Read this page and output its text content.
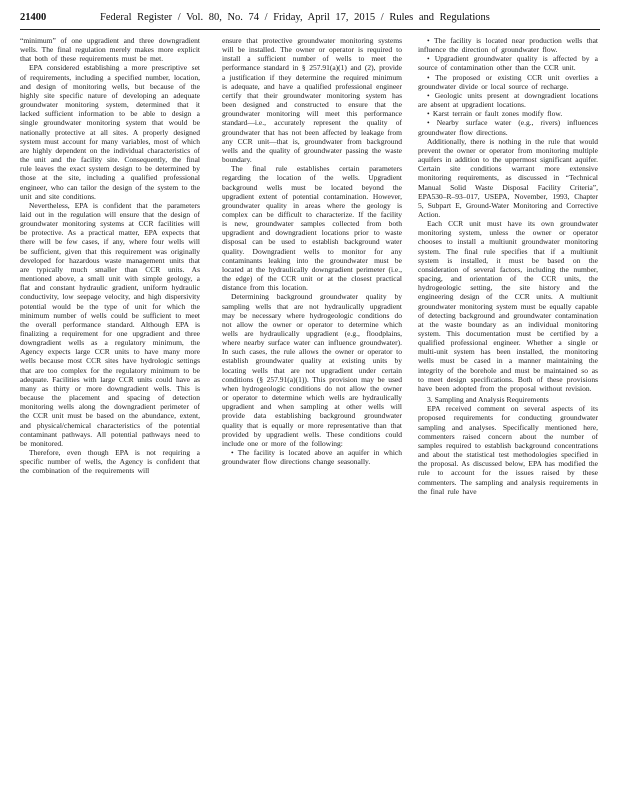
21400	Federal Register / Vol. 80, No. 74 / Friday, April 17, 2015 / Rules and Regulations

“minimum” of one upgradient and three downgradient wells. The final regulation merely makes more explicit that both of these requirements must be met.

EPA considered establishing a more prescriptive set of requirements, including a specified number, location, and design of monitoring wells, but because of the highly site specific nature of developing an adequate groundwater monitoring system, determined that it lacked sufficient information to be able to design a single groundwater monitoring system that would be nationally protective at all sites. A properly designed system must account for many variables, most of which are highly dependent on the individual characteristics of the unit and the facility site. Consequently, the final rule leaves the exact system design to be determined by those at the site, including a qualified professional engineer, who can tailor the design of the system to the unit and site conditions.

Nevertheless, EPA is confident that the parameters laid out in the regulation will ensure that the design of groundwater monitoring systems at CCR facilities will be protective. As a practical matter, EPA expects that there will be few cases, if any, where four wells will be sufficient, given that this requirement was originally developed for hazardous waste management units that are typically much smaller than CCR units. As mentioned above, a small unit with simple geology, a flat and constant hydraulic gradient, uniform hydraulic conductivity, low seepage velocity, and high dispersivity potential would be the type of unit for which the minimum number of wells could be sufficient to meet the overall performance standard. Although EPA is finalizing a requirement for one upgradient and three downgradient wells as a regulatory minimum, the Agency expects large CCR units to have many more wells because most CCR sites have hydrologic settings that are too complex for the regulatory minimum to be adequate. Facilities with large CCR units could have as many as thirty or more downgradient wells. This is because the placement and spacing of detection monitoring wells along the downgradient perimeter of the CCR unit must be based on the abundance, extent, and physical/chemical characteristics of the potential contaminant pathways. All potential pathways need to be monitored.

Therefore, even though EPA is not requiring a specific number of wells, the Agency is confident that the combination of the requirements will

ensure that protective groundwater monitoring systems will be installed. The owner or operator is required to install a sufficient number of wells to meet the performance standard in § 257.91(a)(1) and (2), provide a justification if they determine the required minimum is adequate, and have a qualified professional engineer certify that their groundwater monitoring system has been designed and constructed to ensure that the groundwater monitoring will meet this performance standard—i.e., accurately represent the quality of groundwater that has not been affected by leakage from any CCR unit—that is, groundwater from background wells and the quality of groundwater passing the waste boundary.

The final rule establishes certain parameters regarding the location of the wells. Upgradient background wells must be located beyond the upgradient extent of potential contamination. However, groundwater quality in areas where the geology is complex can be difficult to characterize. If the facility is new, groundwater samples collected from both upgradient and downgradient locations prior to waste disposal can be used to establish background water quality. Downgradient wells to monitor for any contaminants leaking into the groundwater must be located at the hydraulically downgradient perimeter (i.e., the edge) of the CCR unit or at the closest practical distance from this location.

Determining background groundwater quality by sampling wells that are not hydraulically upgradient may be necessary where hydrogeologic conditions do not allow the owner or operator to determine which wells are hydraulically upgradient (e.g., floodplains, where nearby surface water can influence groundwater). In such cases, the rule allows the owner or operator to establish groundwater quality at existing units by locating wells that are not upgradient under certain conditions (§ 257.91(a)(1)). This provision may be used when hydrogeologic conditions do not allow the owner or operator to determine which wells are hydraulically upgradient and when sampling at other wells will provide data establishing background groundwater quality that is equally or more representative than that provided by upgradient wells. These conditions could include one or more of the following:

• The facility is located above an aquifer in which groundwater flow directions change seasonally.

• The facility is located near production wells that influence the direction of groundwater flow.

• Upgradient groundwater quality is affected by a source of contamination other than the CCR unit.

• The proposed or existing CCR unit overlies a groundwater divide or local source of recharge.

• Geologic units present at downgradient locations are absent at upgradient locations.

• Karst terrain or fault zones modify flow.

• Nearby surface water (e.g., rivers) influences groundwater flow directions.

Additionally, there is nothing in the rule that would prevent the owner or operator from monitoring multiple aquifers in addition to the uppermost significant aquifer. Certain site conditions warrant more extensive monitoring requirements, as discussed in “Technical Manual Solid Waste Disposal Facility Criteria”, EPA530–R–93–017, USEPA, November, 1993, Chapter 5, Subpart E, Ground-Water Monitoring and Corrective Action.

Each CCR unit must have its own groundwater monitoring system, unless the owner or operator chooses to install a multiunit groundwater monitoring system. The final rule specifies that if a multiunit system is installed, it must be based on the consideration of several factors, including the number, spacing, and orientation of the CCR units, the hydrogeologic setting, the site history and the engineering design of the CCR units. A multiunit groundwater monitoring system must be equally capable of detecting background and groundwater contamination at the waste boundary as an individual monitoring system. This documentation must be certified by a qualified professional engineer. Whether a single or multi-unit system has been installed, the monitoring wells must be cased in a manner maintaining the integrity of the borehole and must be maintained so as to meet design specifications. Both of these provisions have been adopted from the proposal without revision.

3. Sampling and Analysis Requirements

EPA received comment on several aspects of its proposed requirements for conducting groundwater sampling and analyses. Specifically mentioned here, commenters raised concern about the number of samples required to establish background concentrations and about the statistical test methodologies specified in the proposal. As discussed below, EPA has modified the rule to account for the issues raised by these commenters. The sampling and analysis requirements in the final rule have
